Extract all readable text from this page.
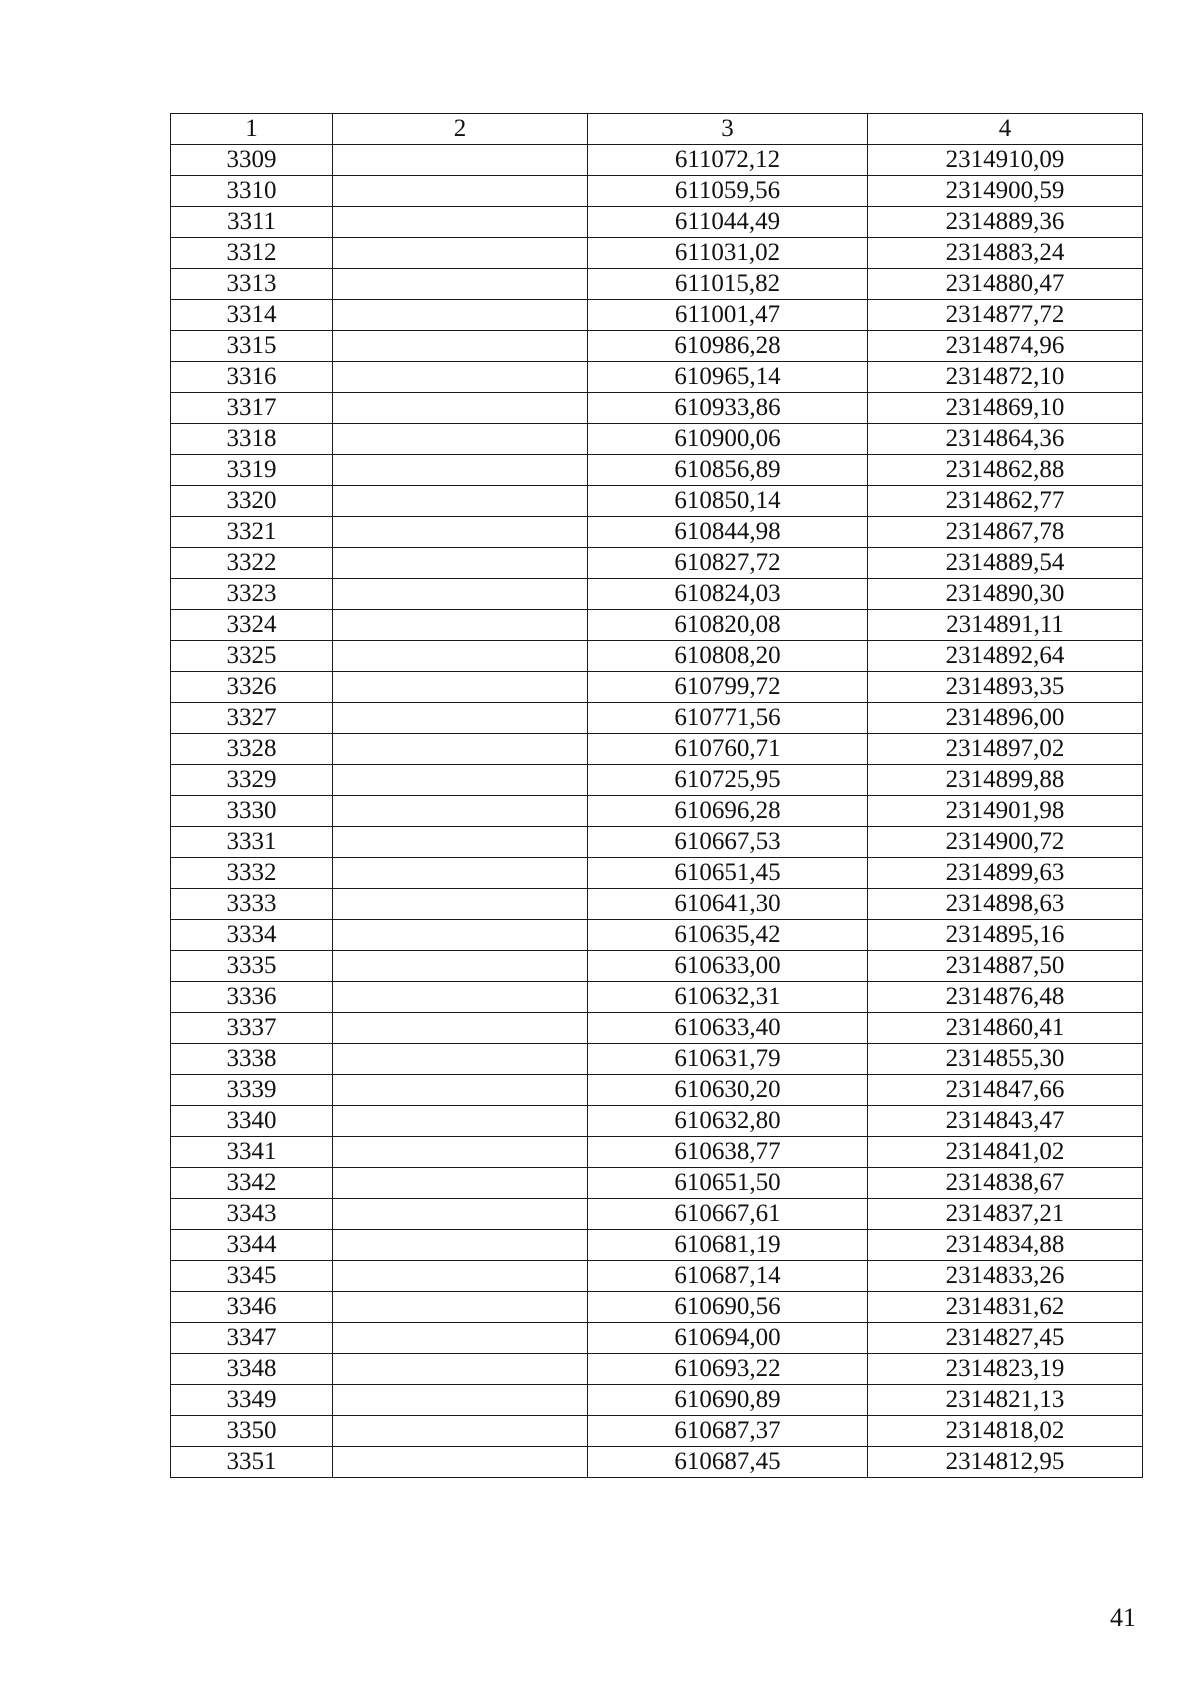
1	2	3	4
3309		611072,12	2314910,09
3310		611059,56	2314900,59
3311		611044,49	2314889,36
3312		611031,02	2314883,24
3313		611015,82	2314880,47
3314		611001,47	2314877,72
3315		610986,28	2314874,96
3316		610965,14	2314872,10
3317		610933,86	2314869,10
3318		610900,06	2314864,36
3319		610856,89	2314862,88
3320		610850,14	2314862,77
3321		610844,98	2314867,78
3322		610827,72	2314889,54
3323		610824,03	2314890,30
3324		610820,08	2314891,11
3325		610808,20	2314892,64
3326		610799,72	2314893,35
3327		610771,56	2314896,00
3328		610760,71	2314897,02
3329		610725,95	2314899,88
3330		610696,28	2314901,98
3331		610667,53	2314900,72
3332		610651,45	2314899,63
3333		610641,30	2314898,63
3334		610635,42	2314895,16
3335		610633,00	2314887,50
3336		610632,31	2314876,48
3337		610633,40	2314860,41
3338		610631,79	2314855,30
3339		610630,20	2314847,66
3340		610632,80	2314843,47
3341		610638,77	2314841,02
3342		610651,50	2314838,67
3343		610667,61	2314837,21
3344		610681,19	2314834,88
3345		610687,14	2314833,26
3346		610690,56	2314831,62
3347		610694,00	2314827,45
3348		610693,22	2314823,19
3349		610690,89	2314821,13
3350		610687,37	2314818,02
3351		610687,45	2314812,95
41
